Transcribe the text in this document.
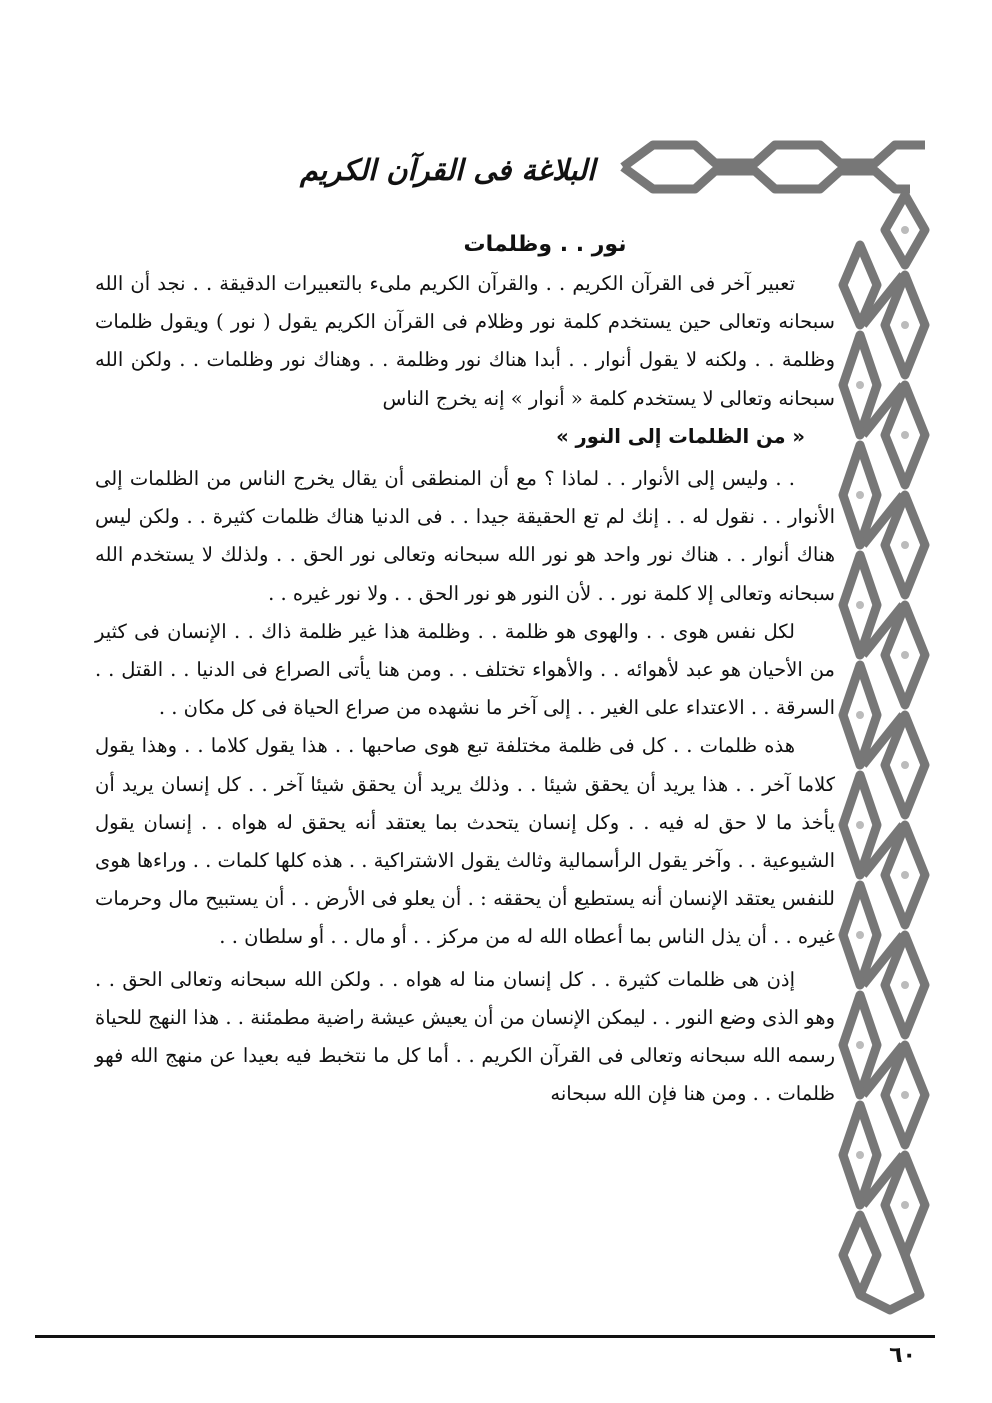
البلاغة فى القرآن الكريم
نور . . وظلمات

تعبير آخر فى القرآن الكريم . . والقرآن الكريم ملىء بالتعبيرات الدقيقة . . نجد أن الله سبحانه وتعالى حين يستخدم كلمة نور وظلام فى القرآن الكريم يقول ( نور ) ويقول ظلمات وظلمة . . ولكنه لا يقول أنوار . . أبدا هناك نور وظلمة . . وهناك نور وظلمات . . ولكن الله سبحانه وتعالى لا يستخدم كلمة « أنوار » إنه يخرج الناس

« من الظلمات إلى النور »

. . وليس إلى الأنوار . . لماذا ؟ مع أن المنطقى أن يقال يخرج الناس من الظلمات إلى الأنوار . . نقول له . . إنك لم تع الحقيقة جيدا . . فى الدنيا هناك ظلمات كثيرة . . ولكن ليس هناك أنوار . . هناك نور واحد هو نور الله سبحانه وتعالى نور الحق . . ولذلك لا يستخدم الله سبحانه وتعالى إلا كلمة نور . . لأن النور هو نور الحق . . ولا نور غيره . .

لكل نفس هوى . . والهوى هو ظلمة . . وظلمة هذا غير ظلمة ذاك . . الإنسان فى كثير من الأحيان هو عبد لأهوائه . . والأهواء تختلف . . ومن هنا يأتى الصراع فى الدنيا . . القتل . . السرقة . . الاعتداء على الغير . . إلى آخر ما نشهده من صراع الحياة فى كل مكان . .

هذه ظلمات . . كل فى ظلمة مختلفة تبع هوى صاحبها . . هذا يقول كلاما . . وهذا يقول كلاما آخر . . هذا يريد أن يحقق شيئا . . وذلك يريد أن يحقق شيئا آخر . . كل إنسان يريد أن يأخذ ما لا حق له فيه . . وكل إنسان يتحدث بما يعتقد أنه يحقق له هواه . . إنسان يقول الشيوعية . . وآخر يقول الرأسمالية وثالث يقول الاشتراكية . . هذه كلها كلمات . . وراءها هوى للنفس يعتقد الإنسان أنه يستطيع أن يحققه : . أن يعلو فى الأرض . . أن يستبيح مال وحرمات غيره . . أن يذل الناس بما أعطاه الله له من مركز . . أو مال . . أو سلطان . .

إذن هى ظلمات كثيرة . . كل إنسان منا له هواه . . ولكن الله سبحانه وتعالى الحق . . وهو الذى وضع النور . . ليمكن الإنسان من أن يعيش عيشة راضية مطمئنة . . هذا النهج للحياة رسمه الله سبحانه وتعالى فى القرآن الكريم . . أما كل ما نتخبط فيه بعيدا عن منهج الله فهو ظلمات . . ومن هنا فإن الله سبحانه

٦٠
